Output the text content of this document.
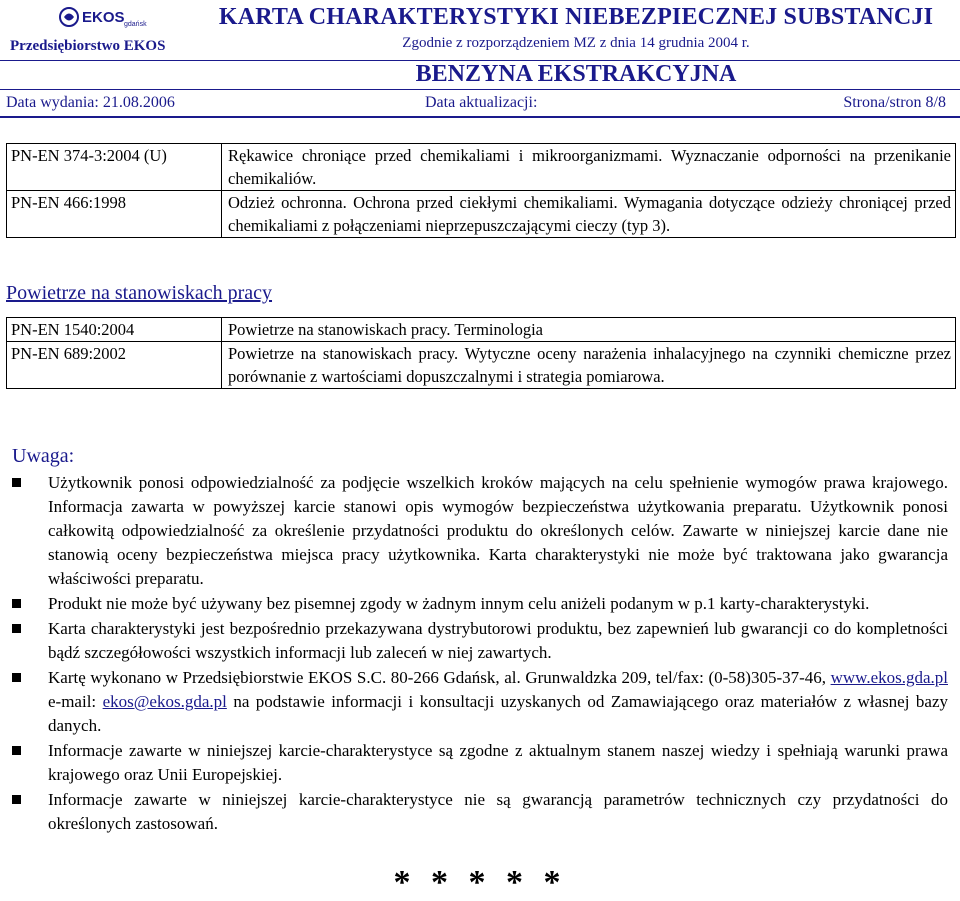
EKOS gdańsk
Przedsiębiorstwo EKOS
KARTA CHARAKTERYSTYKI NIEBEZPIECZNEJ SUBSTANCJI
Zgodnie z rozporządzeniem MZ z dnia 14 grudnia 2004 r.
BENZYNA EKSTRAKCYJNA
Data wydania: 21.08.2006	Data aktualizacji:	Strona/stron 8/8
PN-EN 374-3:2004 (U)	Rękawice chroniące przed chemikaliami i mikroorganizmami. Wyznaczanie odporności na przenikanie chemikaliów.
PN-EN 466:1998	Odzież ochronna. Ochrona przed ciekłymi chemikaliami. Wymagania dotyczące odzieży chroniącej przed chemikaliami z połączeniami nieprzepuszczającymi cieczy (typ 3).
Powietrze na stanowiskach pracy
PN-EN 1540:2004	Powietrze na stanowiskach pracy. Terminologia
PN-EN 689:2002	Powietrze na stanowiskach pracy. Wytyczne oceny narażenia inhalacyjnego na czynniki chemiczne przez porównanie z wartościami dopuszczalnymi i strategia pomiarowa.
Uwaga:
Użytkownik ponosi odpowiedzialność za podjęcie wszelkich kroków mających na celu spełnienie wymogów prawa krajowego. Informacja zawarta w powyższej karcie stanowi opis wymogów bezpieczeństwa użytkowania preparatu. Użytkownik ponosi całkowitą odpowiedzialność za określenie przydatności produktu do określonych celów. Zawarte w niniejszej karcie dane nie stanowią oceny bezpieczeństwa miejsca pracy użytkownika. Karta charakterystyki nie może być traktowana jako gwarancja właściwości preparatu.
Produkt nie może być używany bez pisemnej zgody w żadnym innym celu aniżeli podanym w p.1 karty-charakterystyki.
Karta charakterystyki jest bezpośrednio przekazywana dystrybutorowi produktu, bez zapewnień lub gwarancji co do kompletności bądź szczegółowości wszystkich informacji lub zaleceń w niej zawartych.
Kartę wykonano w Przedsiębiorstwie EKOS S.C. 80-266 Gdańsk, al. Grunwaldzka 209, tel/fax: (0-58)305-37-46, www.ekos.gda.pl e-mail: ekos@ekos.gda.pl na podstawie informacji i konsultacji uzyskanych od Zamawiającego oraz materiałów z własnej bazy danych.
Informacje zawarte w niniejszej karcie-charakterystyce są zgodne z aktualnym stanem naszej wiedzy i spełniają warunki prawa krajowego oraz Unii Europejskiej.
Informacje zawarte w niniejszej karcie-charakterystyce nie są gwarancją parametrów technicznych czy przydatności do określonych zastosowań.
* * * * *
